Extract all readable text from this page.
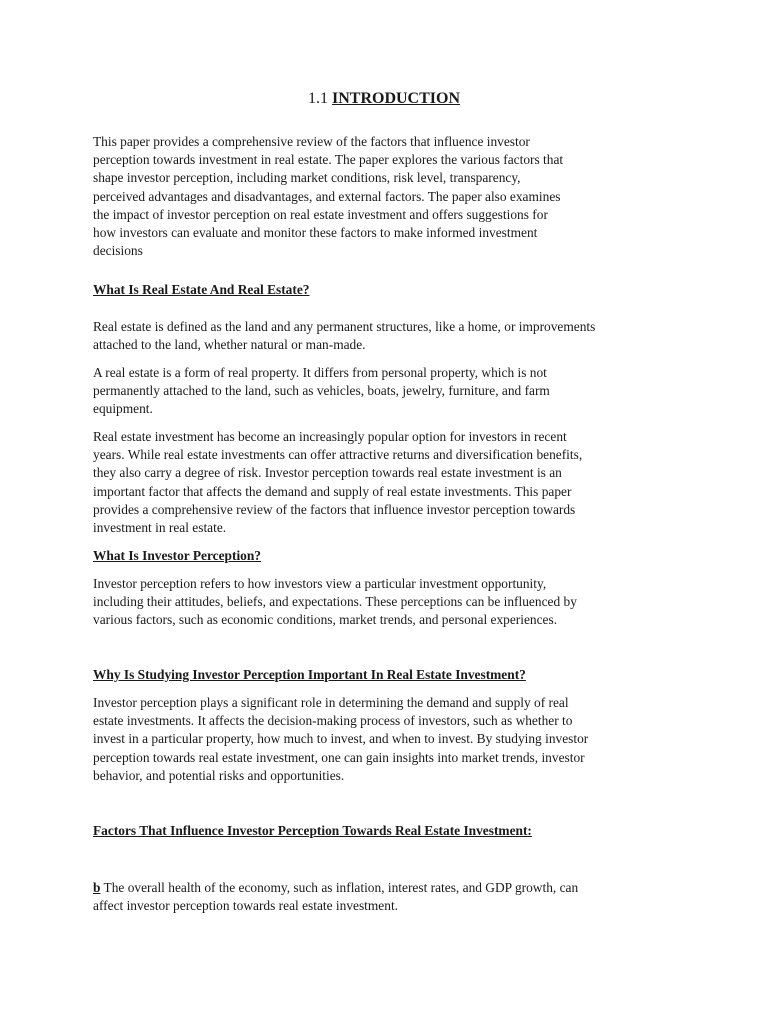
1.1 INTRODUCTION
This paper provides a comprehensive review of the factors that influence investor
perception towards investment in real estate. The paper explores the various factors that
shape investor perception, including market conditions, risk level, transparency,
perceived advantages and disadvantages, and external factors. The paper also examines
the impact of investor perception on real estate investment and offers suggestions for
how investors can evaluate and monitor these factors to make informed investment
decisions
What Is Real Estate And Real Estate?
Real estate is defined as the land and any permanent structures, like a home, or improvements
attached to the land, whether natural or man-made.
A real estate is a form of real property. It differs from personal property, which is not
permanently attached to the land, such as vehicles, boats, jewelry, furniture, and farm
equipment.
Real estate investment has become an increasingly popular option for investors in recent
years. While real estate investments can offer attractive returns and diversification benefits,
they also carry a degree of risk. Investor perception towards real estate investment is an
important factor that affects the demand and supply of real estate investments. This paper
provides a comprehensive review of the factors that influence investor perception towards
investment in real estate.
What Is Investor Perception?
Investor perception refers to how investors view a particular investment opportunity,
including their attitudes, beliefs, and expectations. These perceptions can be influenced by
various factors, such as economic conditions, market trends, and personal experiences.
Why Is Studying Investor Perception Important In Real Estate Investment?
Investor perception plays a significant role in determining the demand and supply of real
estate investments. It affects the decision-making process of investors, such as whether to
invest in a particular property, how much to invest, and when to invest. By studying investor
perception towards real estate investment, one can gain insights into market trends, investor
behavior, and potential risks and opportunities.
Factors That Influence Investor Perception Towards Real Estate Investment:
b The overall health of the economy, such as inflation, interest rates, and GDP growth, can
affect investor perception towards real estate investment.
